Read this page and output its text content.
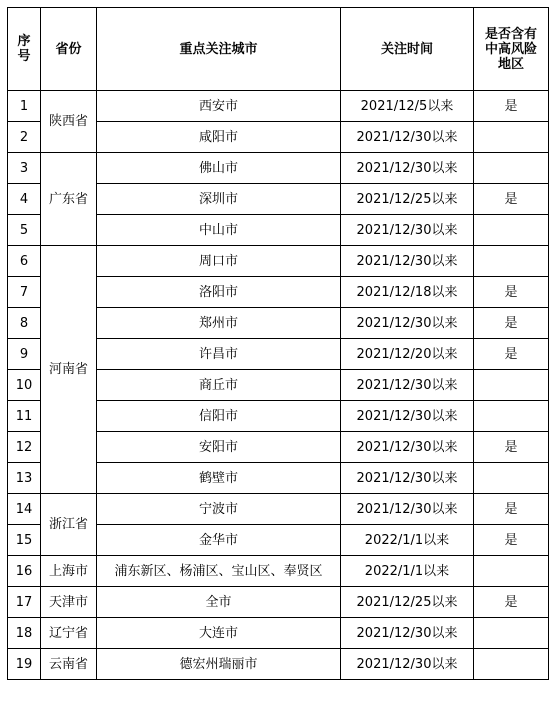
序
号	省份	重点关注城市	关注时间	是否含有
中高风险
地区

1	陕西省	西安市	2021/12/5以来	是
2		咸阳市	2021/12/30以来	
3	广东省	佛山市	2021/12/30以来	
4		深圳市	2021/12/25以来	是
5		中山市	2021/12/30以来	
6	河南省	周口市	2021/12/30以来	
7		洛阳市	2021/12/18以来	是
8		郑州市	2021/12/30以来	是
9		许昌市	2021/12/20以来	是
10		商丘市	2021/12/30以来	
11		信阳市	2021/12/30以来	
12		安阳市	2021/12/30以来	是
13		鹤壁市	2021/12/30以来	
14	浙江省	宁波市	2021/12/30以来	是
15		金华市	2022/1/1以来	是
16	上海市	浦东新区、杨浦区、宝山区、奉贤区	2022/1/1以来	
17	天津市	全市	2021/12/25以来	是
18	辽宁省	大连市	2021/12/30以来	
19	云南省	德宏州瑞丽市	2021/12/30以来	
